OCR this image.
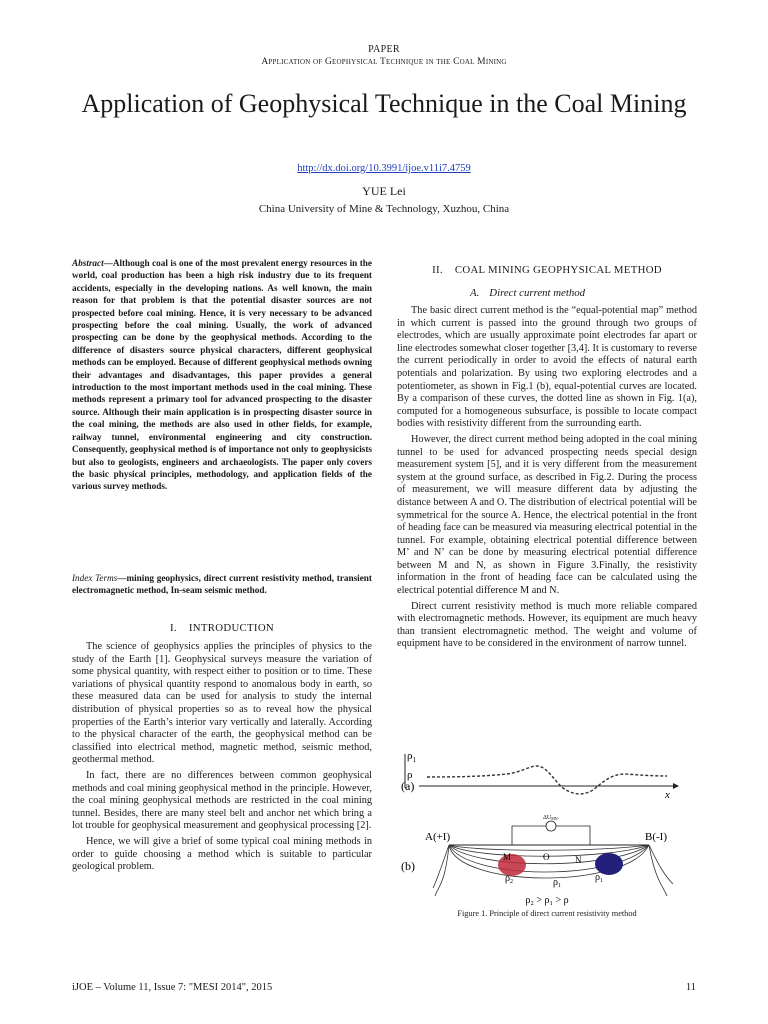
PAPER
Application of Geophysical Technique in the Coal Mining
Application of Geophysical Technique in the Coal Mining
http://dx.doi.org/10.3991/ijoe.v11i7.4759
YUE Lei
China University of Mine & Technology, Xuzhou, China
Abstract—Although coal is one of the most prevalent energy resources in the world, coal production has been a high risk industry due to its frequent accidents, especially in the developing nations. As well known, the main reason for that problem is that the potential disaster sources are not prospected before coal mining. Hence, it is very necessary to be advanced prospecting before the coal mining. Usually, the work of advanced prospecting can be done by the geophysical methods. According to the difference of disasters source physical characters, different geophysical methods can be employed. Because of different geophysical methods owning their advantages and disadvantages, this paper provides a general introduction to the most important methods used in the coal mining. These methods represent a primary tool for advanced prospecting to the disaster source. Although their main application is in prospecting disaster source in the coal mining, the methods are also used in other fields, for example, railway tunnel, environmental engineering and city construction. Consequently, geophysical method is of importance not only to geophysicists but also to geologists, engineers and archaeologists. The paper only covers the basic physical principles, methodology, and application fields of the various survey methods.
Index Terms—mining geophysics, direct current resistivity method, transient electromagnetic method, In-seam seismic method.
I.    INTRODUCTION

The science of geophysics applies the principles of physics to the study of the Earth [1]. Geophysical surveys measure the variation of some physical quantity, with respect either to position or to time. These variations of physical quantity respond to anomalous body in earth, so these measured data can be used for analysis to study the internal distribution of physical properties so as to reveal how the physical properties of the Earth’s interior vary vertically and laterally. According to the physical character of the earth, the geophysical method can be classified into electrical method, magnetic method, seismic method, geothermal method.

In fact, there are no differences between common geophysical methods and coal mining geophysical method in the principle. However, the coal mining geophysical methods are restricted in the coal mining tunnel. Besides, there are many steel belt and anchor net which bring a lot trouble for geophysical measurement and geophysical processing [2].

Hence, we will give a brief of some typical coal mining methods in order to guide choosing a method which is suitable to particular geological problem.

II.    COAL MINING GEOPHYSICAL METHOD
A. Direct current method

The basic direct current method is the “equal-potential map” method in which current is passed into the ground through two groups of electrodes, which are usually approximate point electrodes far apart or line electrodes somewhat closer together [3,4]. It is customary to reverse the current periodically in order to avoid the effects of natural earth potentials and polarization. By using two exploring electrodes and a potentiometer, as shown in Fig.1 (b), equal-potential curves are located. By a comparison of these curves, the dotted line as shown in Fig. 1(a), computed for a homogeneous subsurface, is possible to locate compact bodies with resistivity different from the surrounding earth.

However, the direct current method being adopted in the coal mining tunnel to be used for advanced prospecting needs special design measurement system [5], and it is very different from the measurement system at the ground surface, as described in Fig.2. During the process of measurement, we will measure different data by adjusting the distance between A and O. The distribution of electrical potential will be symmetrical for the source A. Hence, the electrical potential in the front of heading face can be measured via measuring electrical potential in the tunnel. For example, obtaining electrical potential difference between M’ and N’ can be done by measuring electrical potential difference between M and N, as shown in Figure 3.Finally, the resistivity information in the front of heading face can be calculated using the electrical potential difference M and N.

Direct current resistivity method is much more reliable compared with electromagnetic methods. However, its equipment are much heavy than transient electromagnetic method. The weight and volume of equipment have to be considered in the environment of narrow tunnel.

(a)
$\rho_1$
ρ
x
(b)
ΔUMN
A(+I)	B(-I)
M	O	N
$\rho_2$	$\rho_1$
$\rho_1$
ρ₂ > ρ₁ > ρ
Figure 1. Principle of direct current resistivity method
iJOE – Volume 11, Issue 7: "MESI 2014", 2015	11
